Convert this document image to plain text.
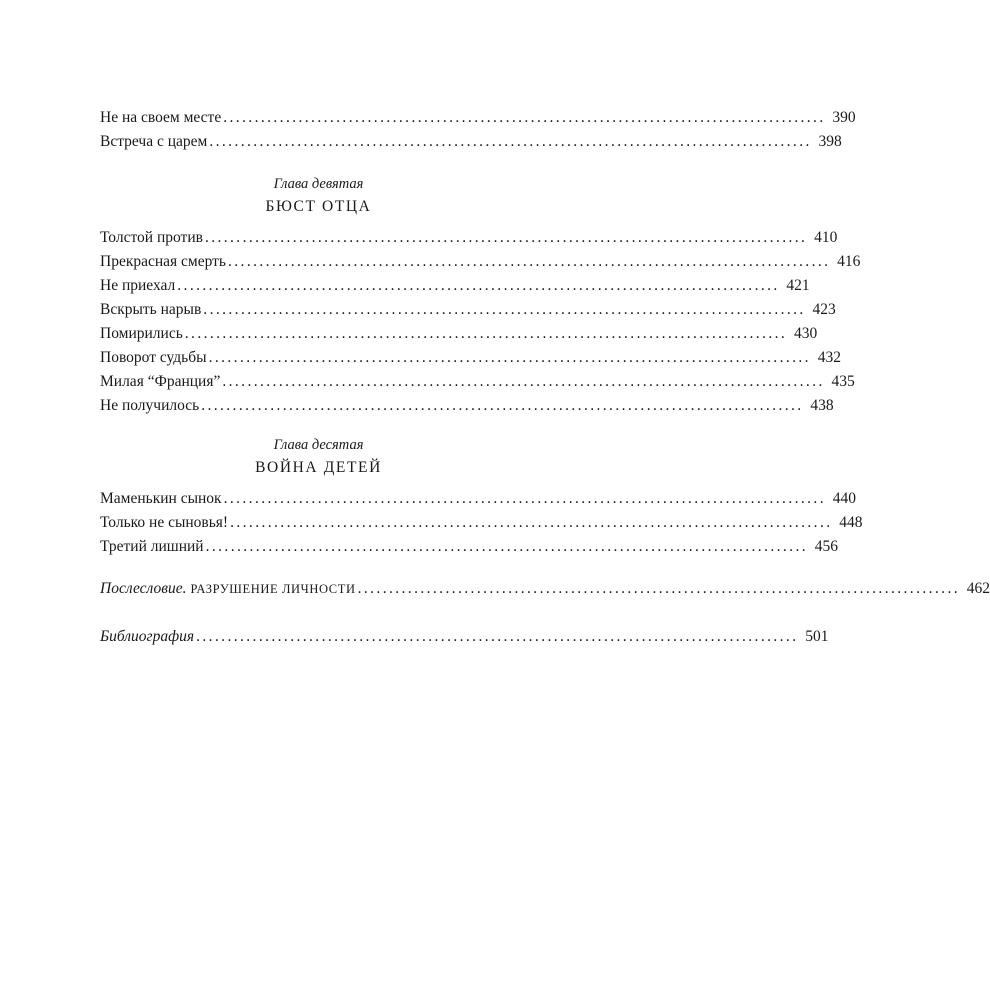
Не на своем месте ................................................................................................ 390
Встреча с царем ................................................................................................ 398
Глава девятая
БЮСТ ОТЦА
Толстой против ................................................................................................ 410
Прекрасная смерть ................................................................................................ 416
Не приехал ................................................................................................ 421
Вскрыть нарыв ................................................................................................ 423
Помирились ................................................................................................ 430
Поворот судьбы ................................................................................................ 432
Милая “Франция” ................................................................................................ 435
Не получилось ................................................................................................ 438
Глава десятая
ВОЙНА ДЕТЕЙ
Маменькин сынок ................................................................................................ 440
Только не сыновья! ................................................................................................ 448
Третий лишний ................................................................................................ 456
Послесловие. РАЗРУШЕНИЕ ЛИЧНОСТИ ................................................................................................ 462
Библиография ................................................................................................ 501
